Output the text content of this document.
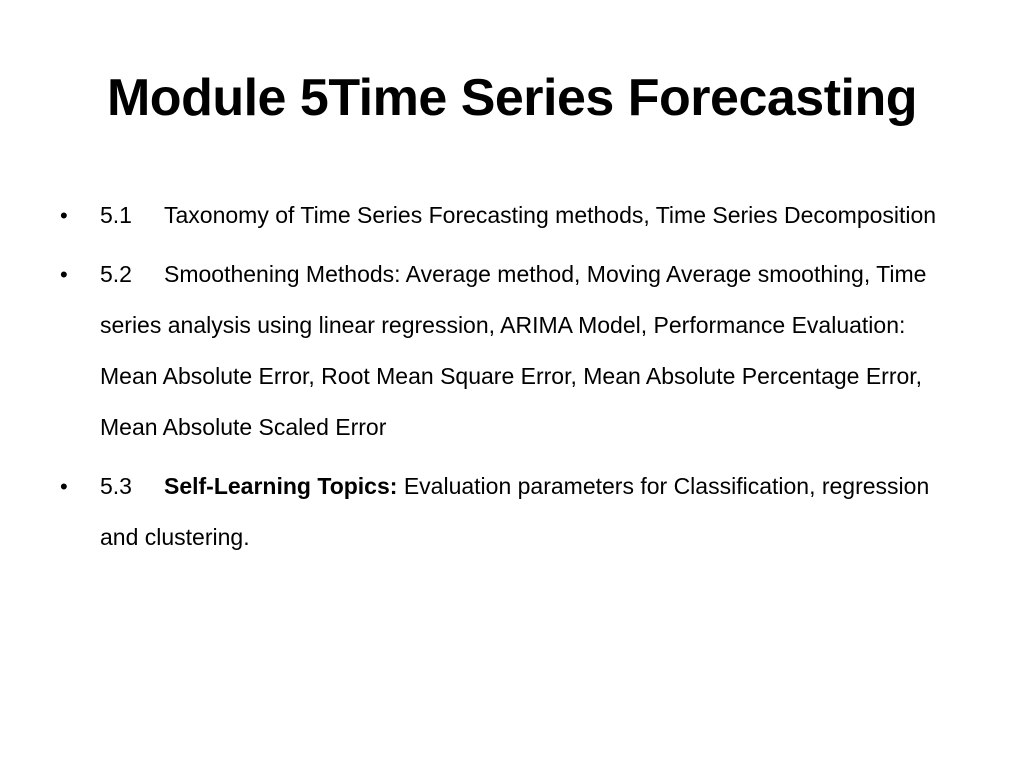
Module 5Time Series Forecasting
•	5.1 Taxonomy of Time Series Forecasting methods, Time Series Decomposition
•	5.2 Smoothening Methods: Average method, Moving Average smoothing, Time series analysis using linear regression, ARIMA Model, Performance Evaluation: Mean Absolute Error, Root Mean Square Error, Mean Absolute Percentage Error, Mean Absolute Scaled Error
•	5.3 Self-Learning Topics: Evaluation parameters for Classification, regression and clustering.
